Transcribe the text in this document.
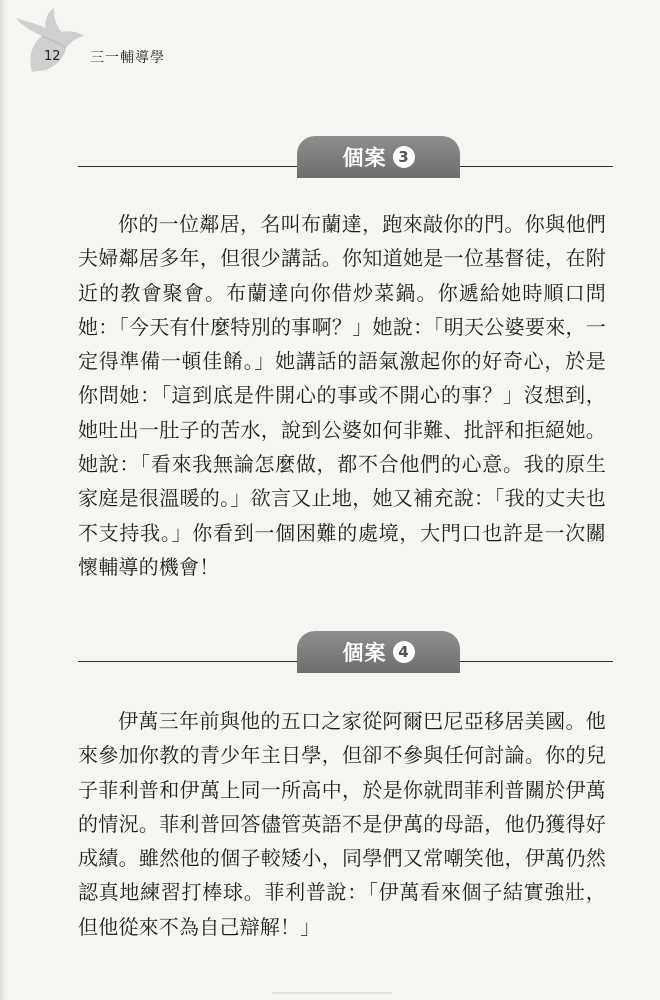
12 三一輔導學
個案 3

你的一位鄰居，名叫布蘭達，跑來敲你的門。你與他們夫婦鄰居多年，但很少講話。你知道她是一位基督徒，在附近的教會聚會。布蘭達向你借炒菜鍋。你遞給她時順口問她：「今天有什麼特別的事啊？」她說：「明天公婆要來，一定得準備一頓佳餚。」她講話的語氣激起你的好奇心，於是你問她：「這到底是件開心的事或不開心的事？」沒想到，她吐出一肚子的苦水，說到公婆如何非難、批評和拒絕她。她說：「看來我無論怎麼做，都不合他們的心意。我的原生家庭是很溫暖的。」欲言又止地，她又補充說：「我的丈夫也不支持我。」你看到一個困難的處境，大門口也許是一次關懷輔導的機會！

個案 4

伊萬三年前與他的五口之家從阿爾巴尼亞移居美國。他來參加你教的青少年主日學，但卻不參與任何討論。你的兒子菲利普和伊萬上同一所高中，於是你就問菲利普關於伊萬的情況。菲利普回答儘管英語不是伊萬的母語，他仍獲得好成績。雖然他的個子較矮小，同學們又常嘲笑他，伊萬仍然認真地練習打棒球。菲利普說：「伊萬看來個子結實強壯，但他從來不為自己辯解！」
